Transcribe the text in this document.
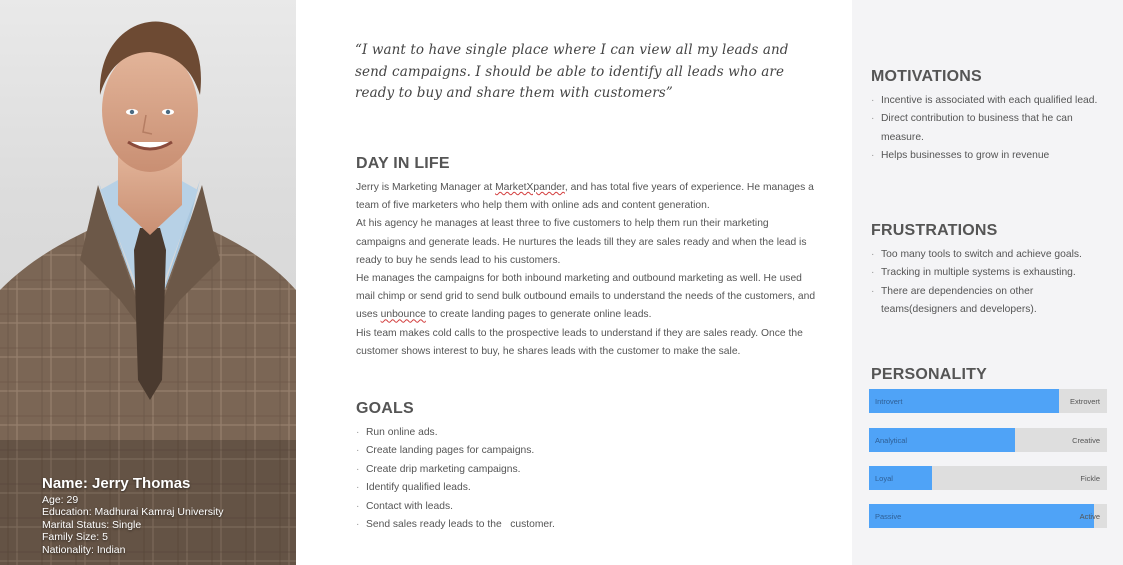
Name: Jerry Thomas
Age: 29
Education: Madhurai Kamraj University
Marital Status: Single
Family Size: 5
Nationality: Indian
“I want to have single place where I can view all my leads and send campaigns. I should be able to identify all leads who are ready to buy and share them with customers”
DAY IN LIFE

Jerry is Marketing Manager at MarketXpander, and has total five years of experience. He manages a team of five marketers who help them with online ads and content generation.

At his agency he manages at least three to five customers to help them run their marketing campaigns and generate leads. He nurtures the leads till they are sales ready and when the lead is ready to buy he sends lead to his customers.

He manages the campaigns for both inbound marketing and outbound marketing as well. He used mail chimp or send grid to send bulk outbound emails to understand the needs of the customers, and uses unbounce to create landing pages to generate online leads.

His team makes cold calls to the prospective leads to understand if they are sales ready. Once the customer shows interest to buy, he shares leads with the customer to make the sale.

GOALS
· Run online ads.
· Create landing pages for campaigns.
· Create drip marketing campaigns.
· Identify qualified leads.
· Contact with leads.
· Send sales ready leads to the   customer.
MOTIVATIONS
· Incentive is associated with each qualified lead.
· Direct contribution to business that he can measure.
· Helps businesses to grow in revenue
FRUSTRATIONS
· Too many tools to switch and achieve goals.
· Tracking in multiple systems is exhausting.
· There are dependencies on other teams(designers and developers).
PERSONALITY
Introvert	Extrovert
Analytical	Creative
Loyal	Fickle
Passive	Active
